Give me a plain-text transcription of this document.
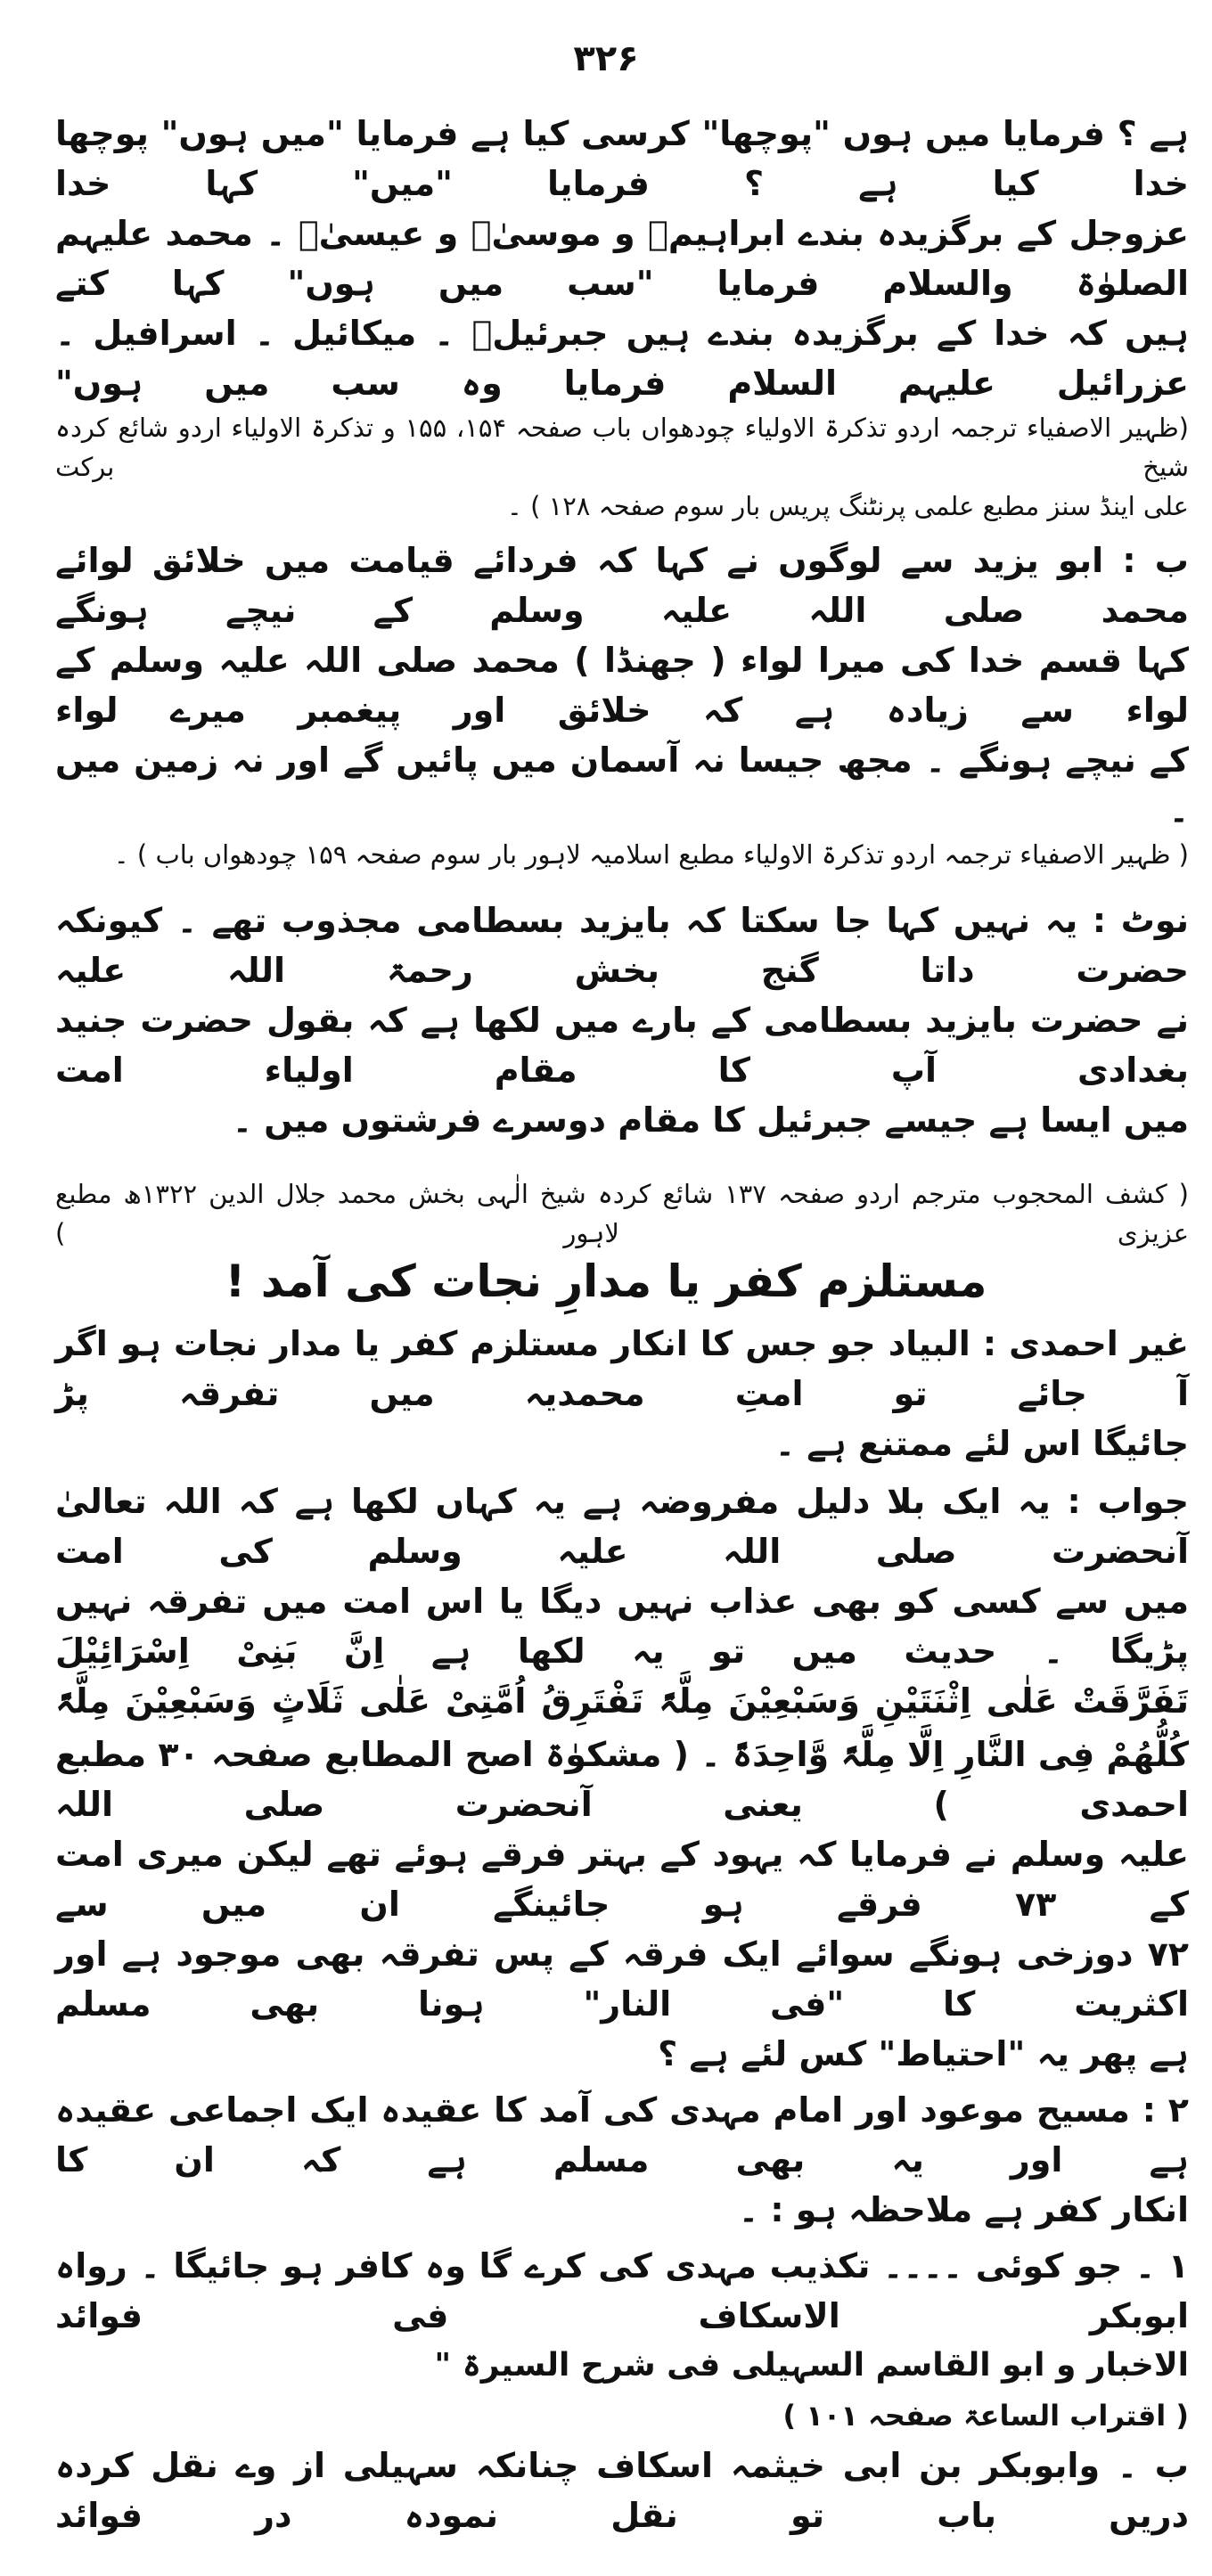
۳۲۶
ہے ؟ فرمایا میں ہوں "پوچھا" کرسی کیا ہے فرمایا "میں ہوں" پوچھا خدا کیا ہے ؟ فرمایا "میں" کہا خدا
عزوجل کے برگزیدہ بندے ابراہیمؑ و موسیٰؑ و عیسیٰؑ ۔ محمد علیہم الصلوٰۃ والسلام فرمایا "سب میں ہوں" کہا کتے
ہیں کہ خدا کے برگزیدہ بندے ہیں جبرئیلؑ ۔ میکائیل ۔ اسرافیل ۔ عزرائیل علیہم السلام فرمایا وہ سب میں ہوں"
(ظہیر الاصفیاء ترجمہ اردو تذکرۃ الاولیاء چودھواں باب صفحہ ۱۵۴، ۱۵۵ و تذکرۃ الاولیاء اردو شائع کردہ شیخ برکت
علی اینڈ سنز مطبع علمی پرنٹنگ پریس بار سوم صفحہ ۱۲۸ ) ۔
ب : ابو یزید سے لوگوں نے کہا کہ فردائے قیامت میں خلائق لوائے محمد صلی اللہ علیہ وسلم کے نیچے ہونگے
کہا قسم خدا کی میرا لواء ( جھنڈا ) محمد صلی اللہ علیہ وسلم کے لواء سے زیادہ ہے کہ خلائق اور پیغمبر میرے لواء
کے نیچے ہونگے ۔ مجھ جیسا نہ آسمان میں پائیں گے اور نہ زمین میں ۔
( ظہیر الاصفیاء ترجمہ اردو تذکرۃ الاولیاء مطبع اسلامیہ لاہور بار سوم صفحہ ۱۵۹ چودھواں باب ) ۔
نوٹ : یہ نہیں کہا جا سکتا کہ بایزید بسطامی مجذوب تھے ۔ کیونکہ حضرت داتا گنج بخش رحمۃ اللہ علیہ
نے حضرت بایزید بسطامی کے بارے میں لکھا ہے کہ بقول حضرت جنید بغدادی آپ کا مقام اولیاء امت
میں ایسا ہے جیسے جبرئیل کا مقام دوسرے فرشتوں میں ۔
( کشف المحجوب مترجم اردو صفحہ ۱۳۷ شائع کردہ شیخ الٰہی بخش محمد جلال الدین ۱۳۲۲ھ مطبع عزیزی لاہور )
مستلزم کفر یا مدارِ نجات کی آمد !
غیر احمدی : البیاد جو جس کا انکار مستلزم کفر یا مدار نجات ہو اگر آ جائے تو امتِ محمدیہ میں تفرقہ پڑ
جائیگا اس لئے ممتنع ہے ۔
جواب : یہ ایک بلا دلیل مفروضہ ہے یہ کہاں لکھا ہے کہ اللہ تعالیٰ آنحضرت صلی اللہ علیہ وسلم کی امت
میں سے کسی کو بھی عذاب نہیں دیگا یا اس امت میں تفرقہ نہیں پڑیگا ۔ حدیث میں تو یہ لکھا ہے اِنَّ بَنِیْ اِسْرَائِیْلَ
تَفَرَّقَتْ عَلٰی اِثْنَتَیْنِ وَسَبْعِیْنَ مِلَّۃً تَفْتَرِقُ اُمَّتِیْ عَلٰی ثَلَاثٍ وَسَبْعِیْنَ مِلَّۃً
کُلُّھُمْ فِی النَّارِ اِلَّا مِلَّۃً وَّاحِدَۃً ۔ ( مشکوٰۃ اصح المطابع صفحہ ۳۰ مطبع احمدی ) یعنی آنحضرت صلی اللہ
علیہ وسلم نے فرمایا کہ یہود کے بہتر فرقے ہوئے تھے لیکن میری امت کے ۷۳ فرقے ہو جائینگے ان میں سے
۷۲ دوزخی ہونگے سوائے ایک فرقہ کے پس تفرقہ بھی موجود ہے اور اکثریت کا "فی النار" ہونا بھی مسلم
ہے پھر یہ "احتیاط" کس لئے ہے ؟
۲ : مسیح موعود اور امام مہدی کی آمد کا عقیدہ ایک اجماعی عقیدہ ہے اور یہ بھی مسلم ہے کہ ان کا
انکار کفر ہے ملاحظہ ہو : ۔
۱ ۔ جو کوئی ۔۔۔۔ تکذیب مہدی کی کرے گا وہ کافر ہو جائیگا ۔ رواہ ابوبکر الاسکاف فی فوائد
الاخبار و ابو القاسم السہیلی فی شرح السیرۃ "
( اقتراب الساعۃ صفحہ ۱۰۱ )
ب ۔ وابوبکر بن ابی خیثمہ اسکاف چنانکہ سہیلی از وے نقل کردہ دریں باب تو نقل نمودہ در فوائد
